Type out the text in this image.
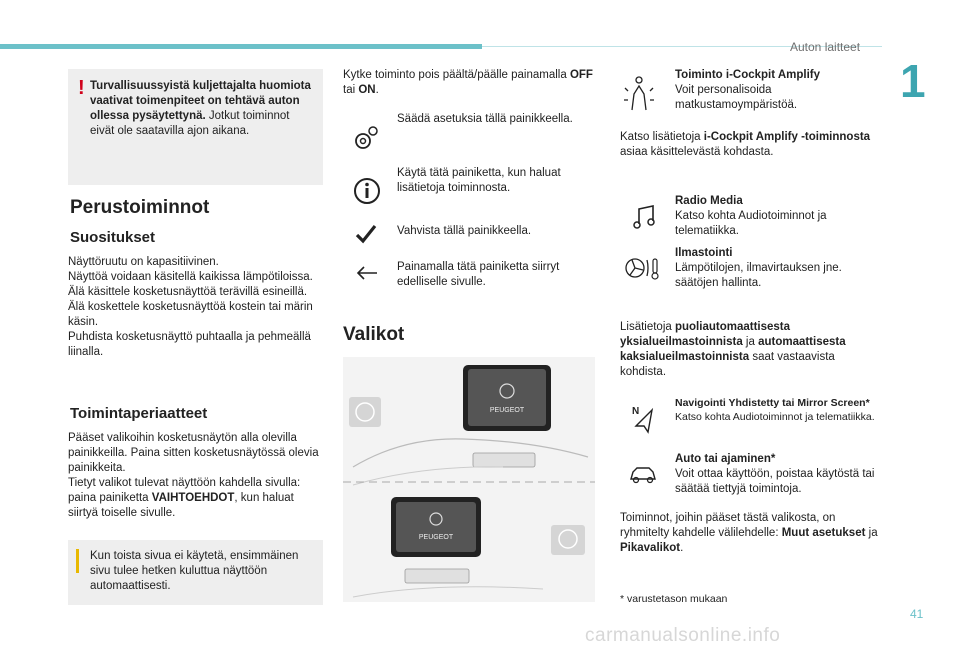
Auton laitteet
1
! Turvallisuussyistä kuljettajalta huomiota vaativat toimenpiteet on tehtävä auton ollessa pysäytettynä. Jotkut toiminnot eivät ole saatavilla ajon aikana.
Perustoiminnot
Suositukset
Näyttöruutu on kapasitiivinen.
Näyttöä voidaan käsitellä kaikissa lämpötiloissa.
Älä käsittele kosketusnäyttöä terävillä esineillä.
Älä koskettele kosketusnäyttöä kostein tai märin käsin.
Puhdista kosketusnäyttö puhtaalla ja pehmeällä liinalla.
Toimintaperiaatteet
Pääset valikoihin kosketusnäytön alla olevilla painikkeilla. Paina sitten kosketusnäytössä olevia painikkeita.
Tietyt valikot tulevat näyttöön kahdella sivulla: paina painiketta VAIHTOEHDOT, kun haluat siirtyä toiselle sivulle.
Kun toista sivua ei käytetä, ensimmäinen sivu tulee hetken kuluttua näyttöön automaattisesti.
Kytke toiminto pois päältä/päälle painamalla OFF tai ON.
Säädä asetuksia tällä painikkeella.
Käytä tätä painiketta, kun haluat lisätietoja toiminnosta.
Vahvista tällä painikkeella.
Painamalla tätä painiketta siirryt edelliselle sivulle.
Valikot
PEUGEOT
PEUGEOT
Toiminto i-Cockpit Amplify
Voit personalisoida matkustamoympäristöä.
Katso lisätietoja i-Cockpit Amplify -toiminnosta asiaa käsittelevästä kohdasta.
Radio Media
Katso kohta Audiotoiminnot ja telematiikka.
Ilmastointi
Lämpötilojen, ilmavirtauksen jne. säätöjen hallinta.
Lisätietoja puoliautomaattisesta yksialueilmastoinnista ja automaattisesta kaksialueilmastoinnista saat vastaavista kohdista.
N
Navigointi Yhdistetty tai Mirror Screen*
Katso kohta Audiotoiminnot ja telematiikka.
Auto tai ajaminen*
Voit ottaa käyttöön, poistaa käytöstä tai säätää tiettyjä toimintoja.
Toiminnot, joihin pääset tästä valikosta, on ryhmitelty kahdelle välilehdelle: Muut asetukset ja Pikavalikot.
* varustetason mukaan
41
carmanualsonline.info
